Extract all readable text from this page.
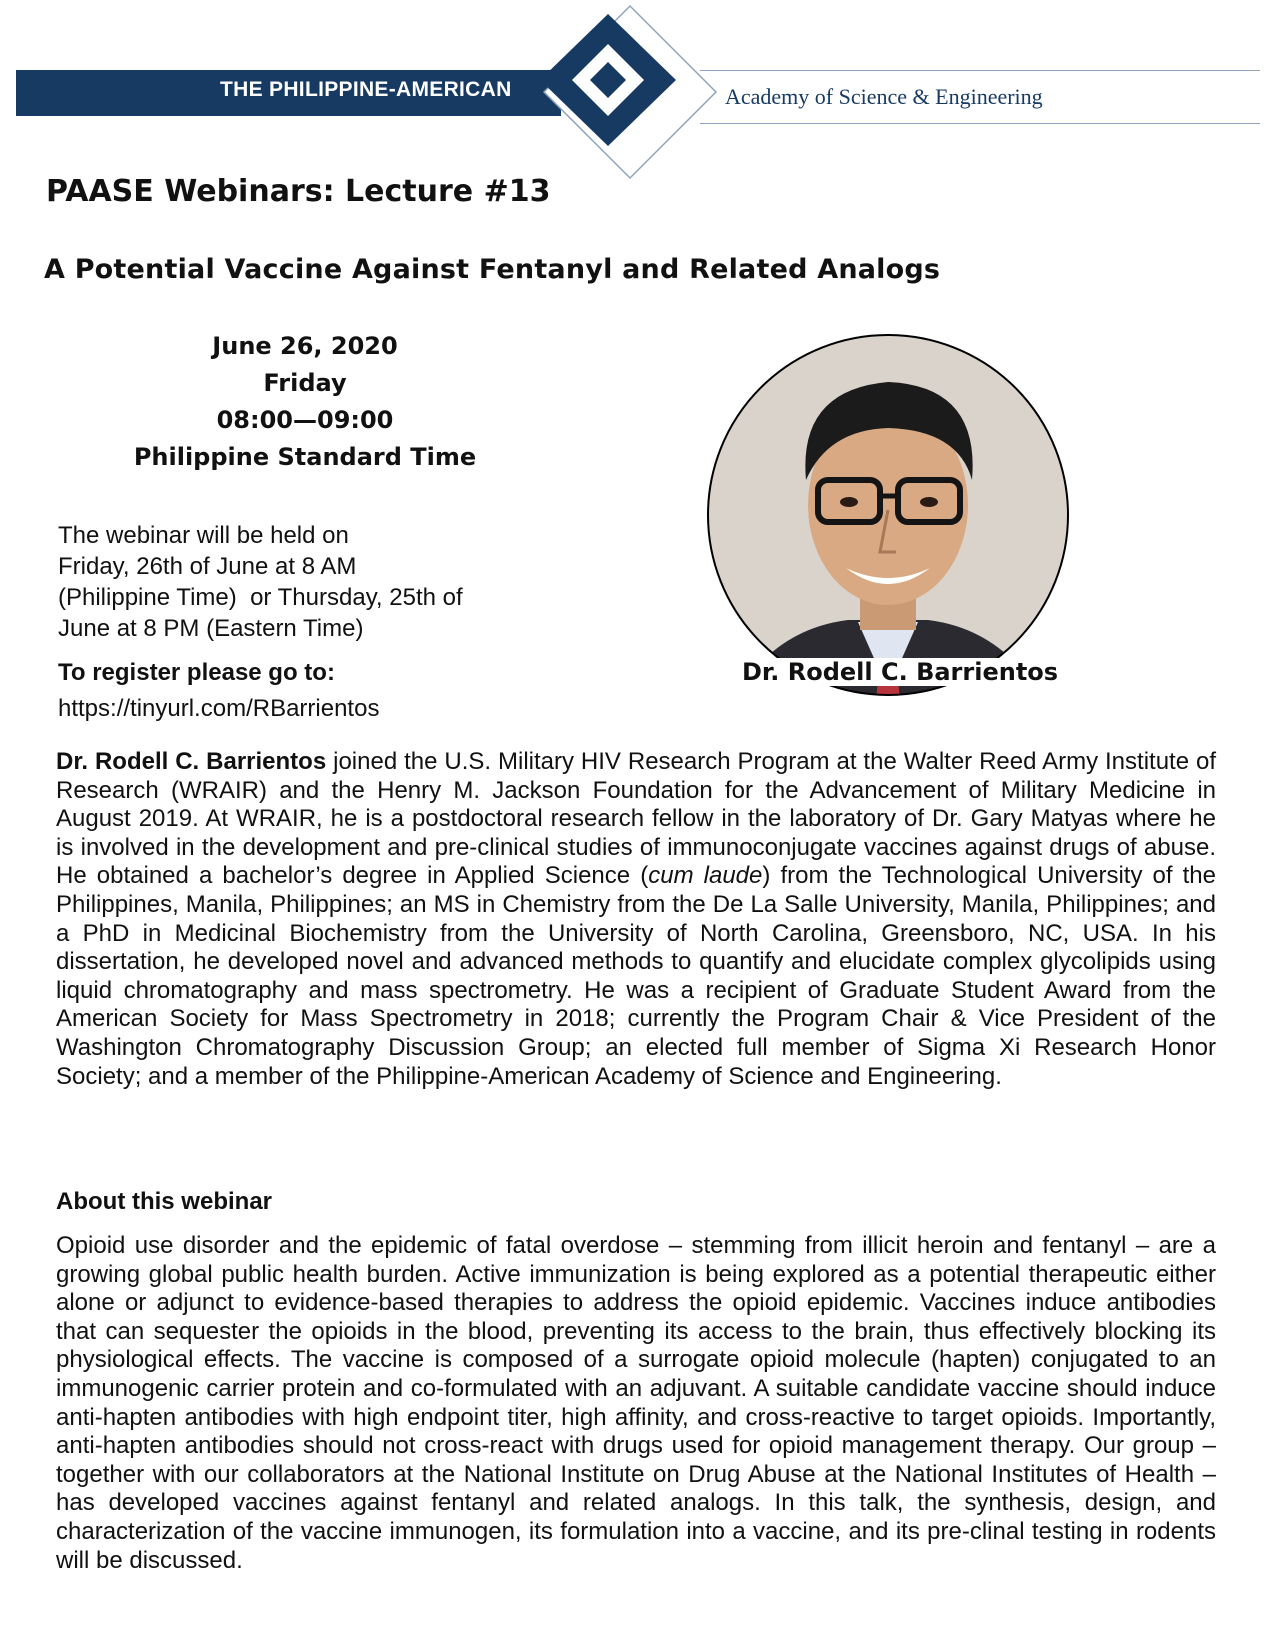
THE PHILIPPINE-AMERICAN	Academy of Science & Engineering
PAASE Webinars: Lecture #13
A Potential Vaccine Against Fentanyl and Related Analogs
June 26, 2020
Friday
08:00—09:00
Philippine Standard Time
The webinar will be held on
Friday, 26th of June at 8 AM
(Philippine Time)  or Thursday, 25th of
June at 8 PM (Eastern Time)
To register please go to:
https://tinyurl.com/RBarrientos
Dr. Rodell C. Barrientos

Dr. Rodell C. Barrientos joined the U.S. Military HIV Research Program at the Walter Reed Army Institute of Research (WRAIR) and the Henry M. Jackson Foundation for the Advancement of Military Medicine in August 2019. At WRAIR, he is a postdoctoral research fellow in the laboratory of Dr. Gary Matyas where he is involved in the development and pre-clinical studies of immunoconjugate vaccines against drugs of abuse. He obtained a bachelor’s degree in Applied Science (cum laude) from the Technological University of the Philippines, Manila, Philippines; an MS in Chemistry from the De La Salle University, Manila, Philippines; and a PhD in Medicinal Biochemistry from the University of North Carolina, Greensboro, NC, USA. In his dissertation, he developed novel and advanced methods to quantify and elucidate complex glycolipids using liquid chromatography and mass spectrometry. He was a recipient of Graduate Student Award from the American Society for Mass Spectrometry in 2018; currently the Program Chair & Vice President of the Washington Chromatography Discussion Group; an elected full member of Sigma Xi Research Honor Society; and a member of the Philippine-American Academy of Science and Engineering.

About this webinar

Opioid use disorder and the epidemic of fatal overdose – stemming from illicit heroin and fentanyl – are a growing global public health burden. Active immunization is being explored as a potential therapeutic either alone or adjunct to evidence-based therapies to address the opioid epidemic. Vaccines induce antibodies that can sequester the opioids in the blood, preventing its access to the brain, thus effectively blocking its physiological effects. The vaccine is composed of a surrogate opioid molecule (hapten) conjugated to an immunogenic carrier protein and co-formulated with an adjuvant. A suitable candidate vaccine should induce anti-hapten antibodies with high endpoint titer, high affinity, and cross-reactive to target opioids. Importantly, anti-hapten antibodies should not cross-react with drugs used for opioid management therapy. Our group – together with our collaborators at the National Institute on Drug Abuse at the National Institutes of Health – has developed vaccines against fentanyl and related analogs. In this talk, the synthesis, design, and characterization of the vaccine immunogen, its formulation into a vaccine, and its pre-clinal testing in rodents will be discussed.
